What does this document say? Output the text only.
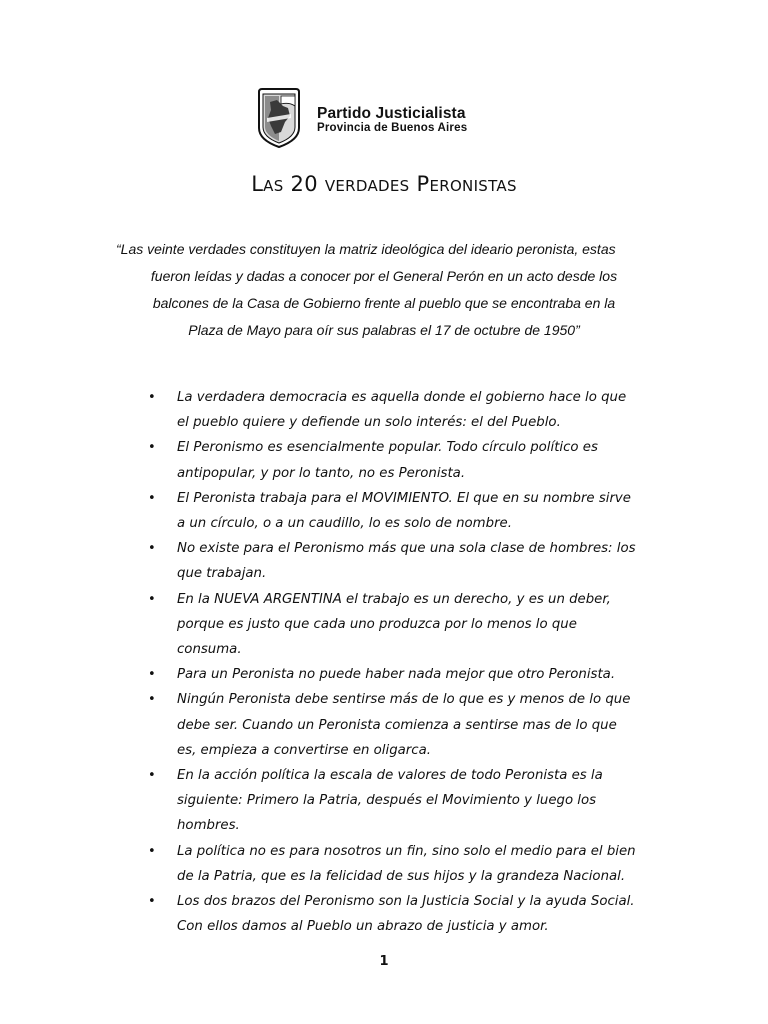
Partido Justicialista
Provincia de Buenos Aires
Las 20 verdades Peronistas

“Las veinte verdades constituyen la matriz ideológica del ideario peronista, estas
fueron leídas y dadas a conocer por el General Perón en un acto desde los
balcones de la Casa de Gobierno frente al pueblo que se encontraba en la
Plaza de Mayo para oír sus palabras el 17 de octubre de 1950”

• La verdadera democracia es aquella donde el gobierno hace lo que
el pueblo quiere y defiende un solo interés: el del Pueblo.
• El Peronismo es esencialmente popular. Todo círculo político es
antipopular, y por lo tanto, no es Peronista.
• El Peronista trabaja para el MOVIMIENTO. El que en su nombre sirve
a un círculo, o a un caudillo, lo es solo de nombre.
• No existe para el Peronismo más que una sola clase de hombres: los
que trabajan.
• En la NUEVA ARGENTINA el trabajo es un derecho, y es un deber,
porque es justo que cada uno produzca por lo menos lo que
consuma.
• Para un Peronista no puede haber nada mejor que otro Peronista.
• Ningún Peronista debe sentirse más de lo que es y menos de lo que
debe ser. Cuando un Peronista comienza a sentirse mas de lo que
es, empieza a convertirse en oligarca.
• En la acción política la escala de valores de todo Peronista es la
siguiente: Primero la Patria, después el Movimiento y luego los
hombres.
• La política no es para nosotros un fin, sino solo el medio para el bien
de la Patria, que es la felicidad de sus hijos y la grandeza Nacional.
• Los dos brazos del Peronismo son la Justicia Social y la ayuda Social.
Con ellos damos al Pueblo un abrazo de justicia y amor.
1
